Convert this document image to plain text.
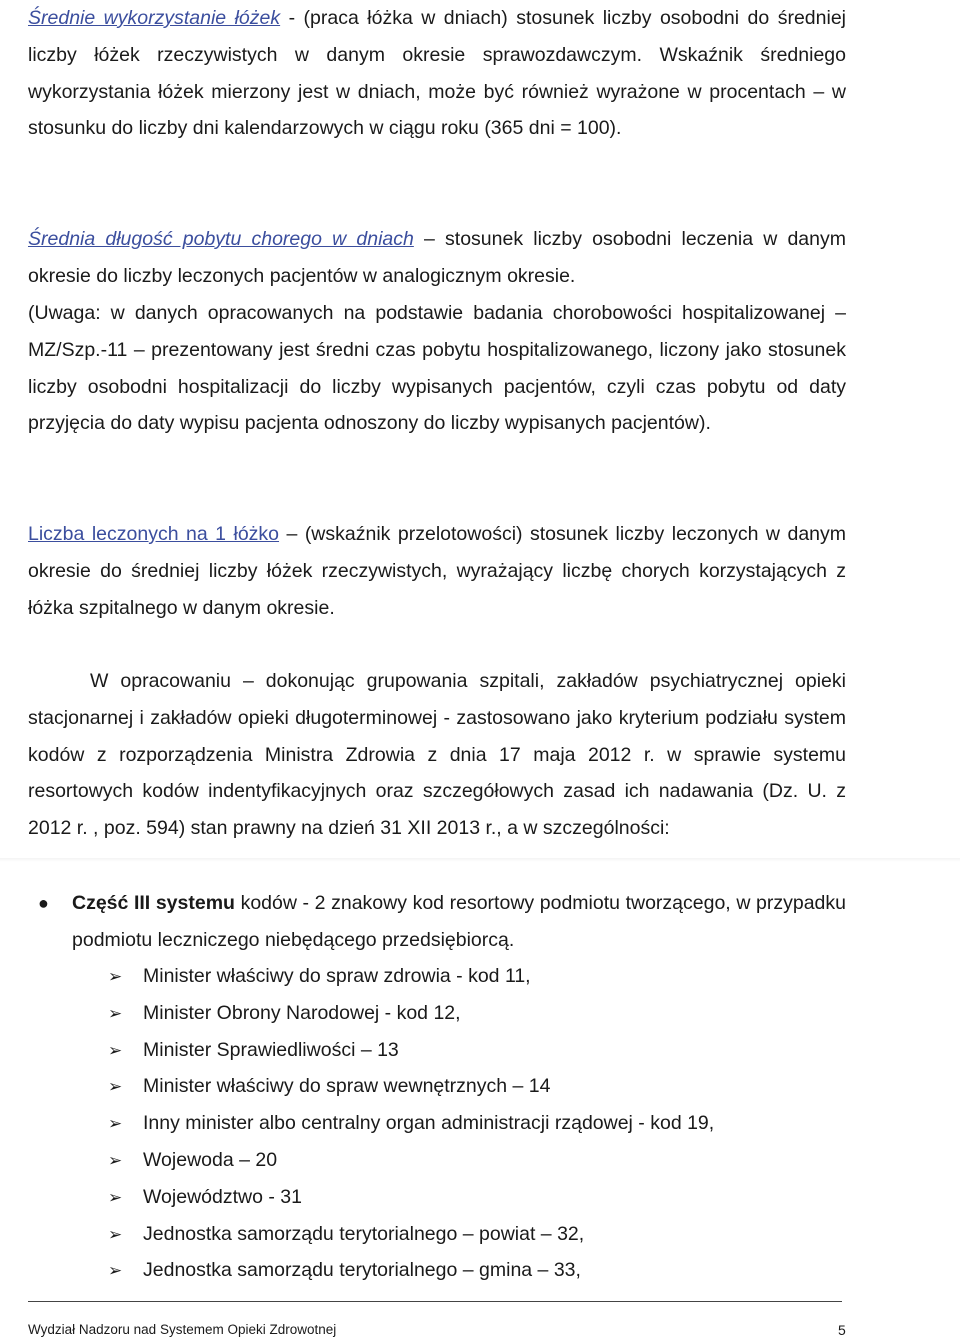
Średnie wykorzystanie łóżek - (praca łóżka w dniach) stosunek liczby osobodni do średniej liczby łóżek rzeczywistych w danym okresie sprawozdawczym. Wskaźnik średniego wykorzystania łóżek mierzony jest w dniach, może być również wyrażone w procentach – w stosunku do liczby dni kalendarzowych w ciągu roku (365 dni = 100).

Średnia długość pobytu chorego w dniach – stosunek liczby osobodni leczenia w danym okresie do liczby leczonych pacjentów w analogicznym okresie.

(Uwaga: w danych opracowanych na podstawie badania chorobowości hospitalizowanej – MZ/Szp.-11 – prezentowany jest średni czas pobytu hospitalizowanego, liczony jako stosunek liczby osobodni hospitalizacji do liczby wypisanych pacjentów, czyli czas pobytu od daty przyjęcia do daty wypisu pacjenta odnoszony do liczby wypisanych pacjentów).

Liczba leczonych na 1 łóżko – (wskaźnik przelotowości) stosunek liczby leczonych w danym okresie do średniej liczby łóżek rzeczywistych, wyrażający liczbę chorych korzystających z łóżka szpitalnego w danym okresie.

W opracowaniu – dokonując grupowania szpitali, zakładów psychiatrycznej opieki stacjonarnej i zakładów opieki długoterminowej - zastosowano jako kryterium podziału system kodów z rozporządzenia Ministra Zdrowia z dnia 17 maja 2012 r. w sprawie systemu resortowych kodów indentyfikacyjnych oraz szczegółowych zasad ich nadawania (Dz. U. z 2012 r. , poz. 594) stan prawny na dzień 31 XII 2013 r., a w szczególności:

● Część III systemu kodów - 2 znakowy kod resortowy podmiotu tworzącego, w przypadku podmiotu leczniczego niebędącego przedsiębiorcą.
➢ Minister właściwy do spraw zdrowia - kod 11,
➢ Minister Obrony Narodowej - kod 12,
➢ Minister Sprawiedliwości – 13
➢ Minister właściwy do spraw wewnętrznych – 14
➢ Inny minister albo centralny organ administracji rządowej - kod 19,
➢ Wojewoda – 20
➢ Województwo - 31
➢ Jednostka samorządu terytorialnego – powiat – 32,
➢ Jednostka samorządu terytorialnego – gmina – 33,
Wydział Nadzoru nad Systemem Opieki Zdrowotnej	5
